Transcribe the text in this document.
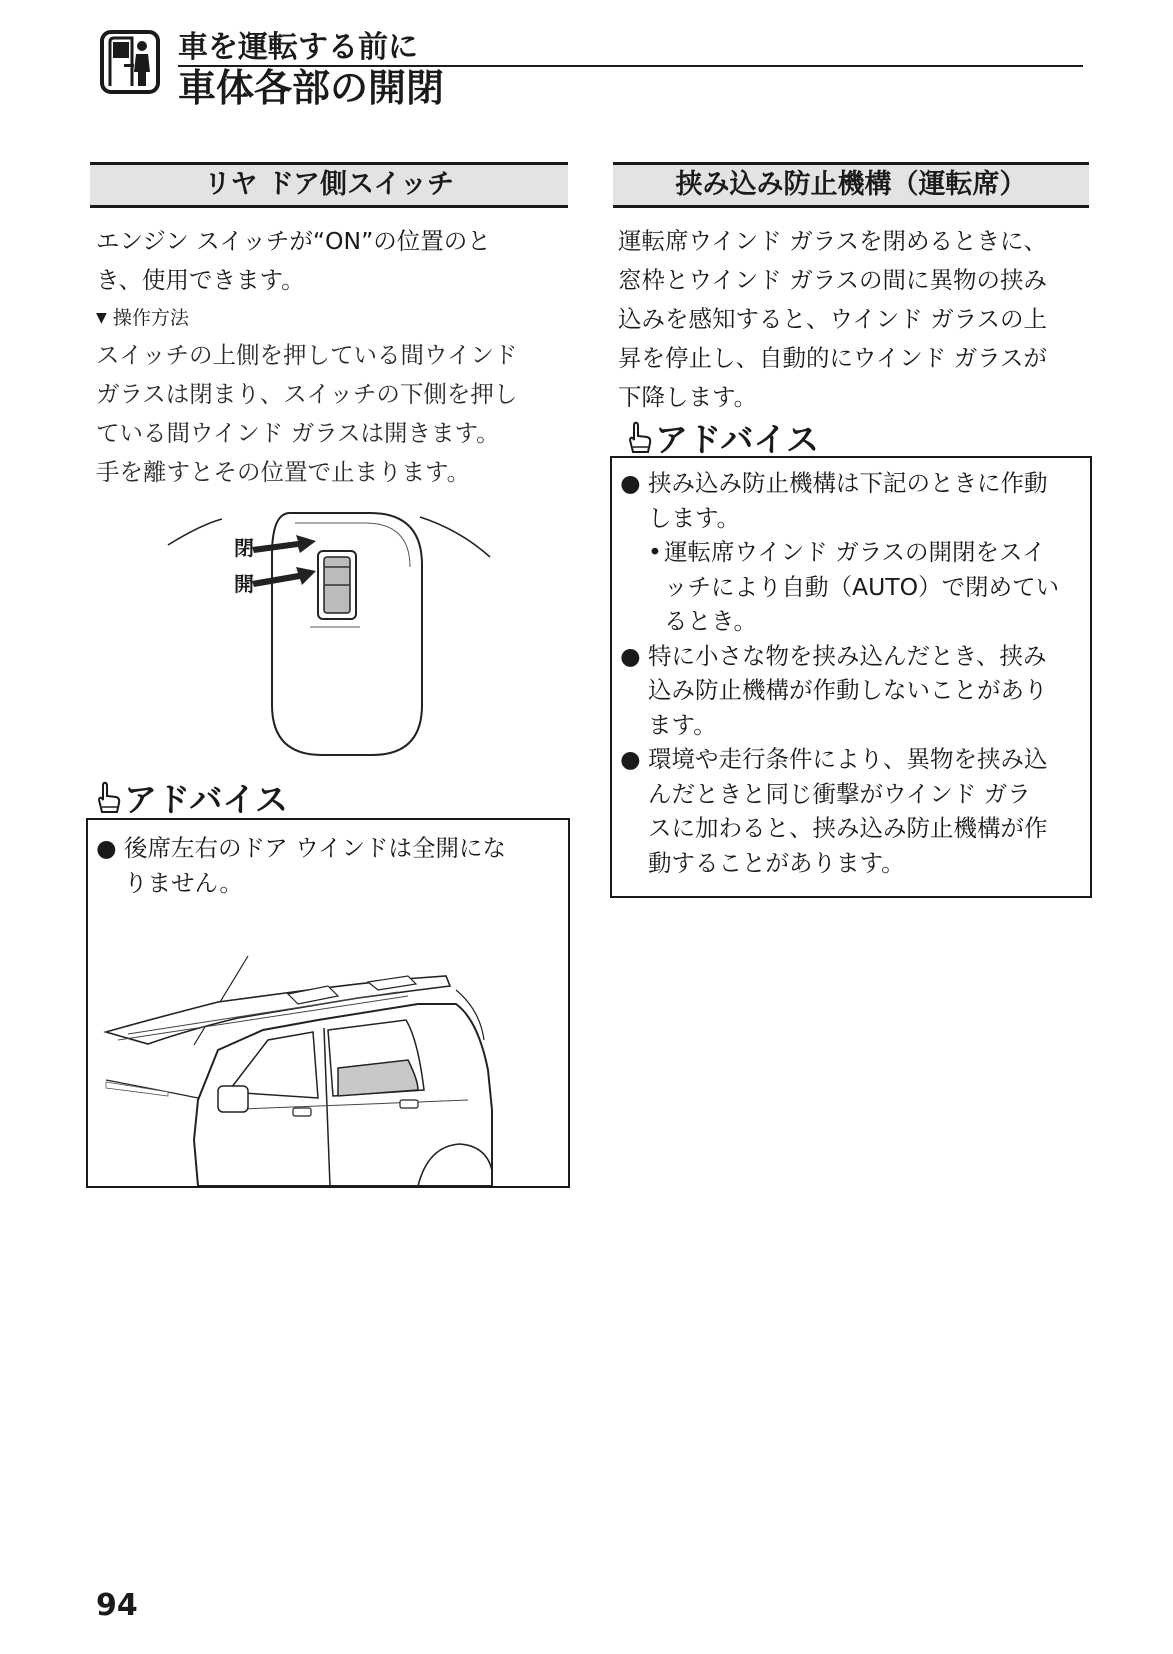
車を運転する前に
車体各部の開閉
リヤ ドア側スイッチ
エンジン スイッチが“ON”の位置のと
き、使用できます。
▼ 操作方法
スイッチの上側を押している間ウインド
ガラスは閉まり、スイッチの下側を押し
ている間ウインド ガラスは開きます。
手を離すとその位置で止まります。
閉
開
アドバイス
● 後席左右のドア ウインドは全開にな
りません。
挟み込み防止機構（運転席）
運転席ウインド ガラスを閉めるときに、
窓枠とウインド ガラスの間に異物の挟み
込みを感知すると、ウインド ガラスの上
昇を停止し、自動的にウインド ガラスが
下降します。
アドバイス
● 挟み込み防止機構は下記のときに作動
します。
• 運転席ウインド ガラスの開閉をスイ
ッチにより自動（AUTO）で閉めてい
るとき。
● 特に小さな物を挟み込んだとき、挟み
込み防止機構が作動しないことがあり
ます。
● 環境や走行条件により、異物を挟み込
んだときと同じ衝撃がウインド ガラ
スに加わると、挟み込み防止機構が作
動することがあります。
94
